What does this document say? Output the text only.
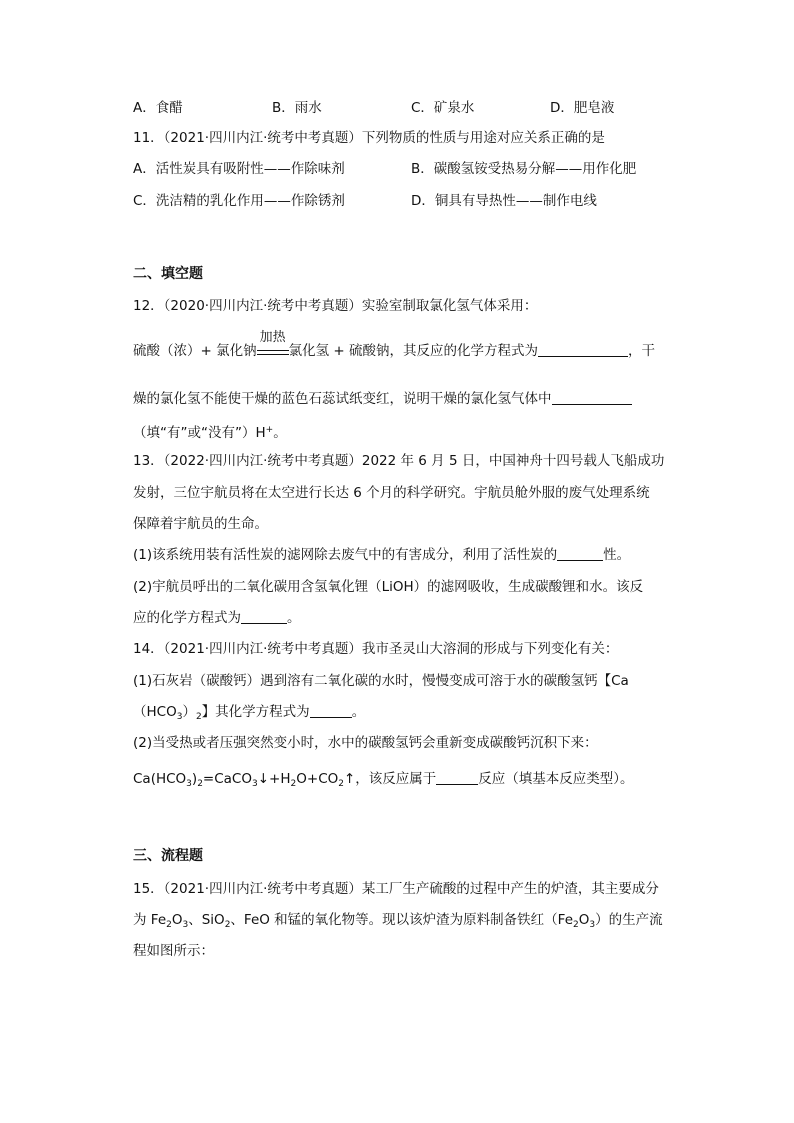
A．食醋	B．雨水	C．矿泉水	D．肥皂液
11．（2021·四川内江·统考中考真题）下列物质的性质与用途对应关系正确的是
A．活性炭具有吸附性——作除味剂	B．碳酸氢铵受热易分解——用作化肥
C．洗洁精的乳化作用——作除锈剂	D．铜具有导热性——制作电线
二、填空题
12．（2020·四川内江·统考中考真题）实验室制取氯化氢气体采用：
硫酸（浓）+ 氯化钠
加热
氯化氢 + 硫酸钠，其反应的化学方程式为	，干
燥的氯化氢不能使干燥的蓝色石蕊试纸变红，说明干燥的氯化氢气体中
（填“有”或“没有”）H+。
13．（2022·四川内江·统考中考真题）2022 年 6 月 5 日，中国神舟十四号载人飞船成功
发射，三位宇航员将在太空进行长达 6 个月的科学研究。宇航员舱外服的废气处理系统
保障着宇航员的生命。
(1)该系统用装有活性炭的滤网除去废气中的有害成分，利用了活性炭的	性。
(2)宇航员呼出的二氧化碳用含氢氧化锂（LiOH）的滤网吸收，生成碳酸锂和水。该反
应的化学方程式为	。
14．（2021·四川内江·统考中考真题）我市圣灵山大溶洞的形成与下列变化有关：
(1)石灰岩（碳酸钙）遇到溶有二氧化碳的水时，慢慢变成可溶于水的碳酸氢钙【Ca
$(HCO_3)_2$】其化学方程式为	。
(2)当受热或者压强突然变小时，水中的碳酸氢钙会重新变成碳酸钙沉积下来：
$Ca(HCO_3)_2=CaCO_3↓+H_2O+CO_2↑$，该反应属于	反应（填基本反应类型）。
三、流程题
15．（2021·四川内江·统考中考真题）某工厂生产硫酸的过程中产生的炉渣，其主要成分
为 $Fe_2O_3$、SiO$_2$、FeO 和锰的氧化物等。现以该炉渣为原料制备铁红$(Fe_2O_3)$的生产流
程如图所示：
